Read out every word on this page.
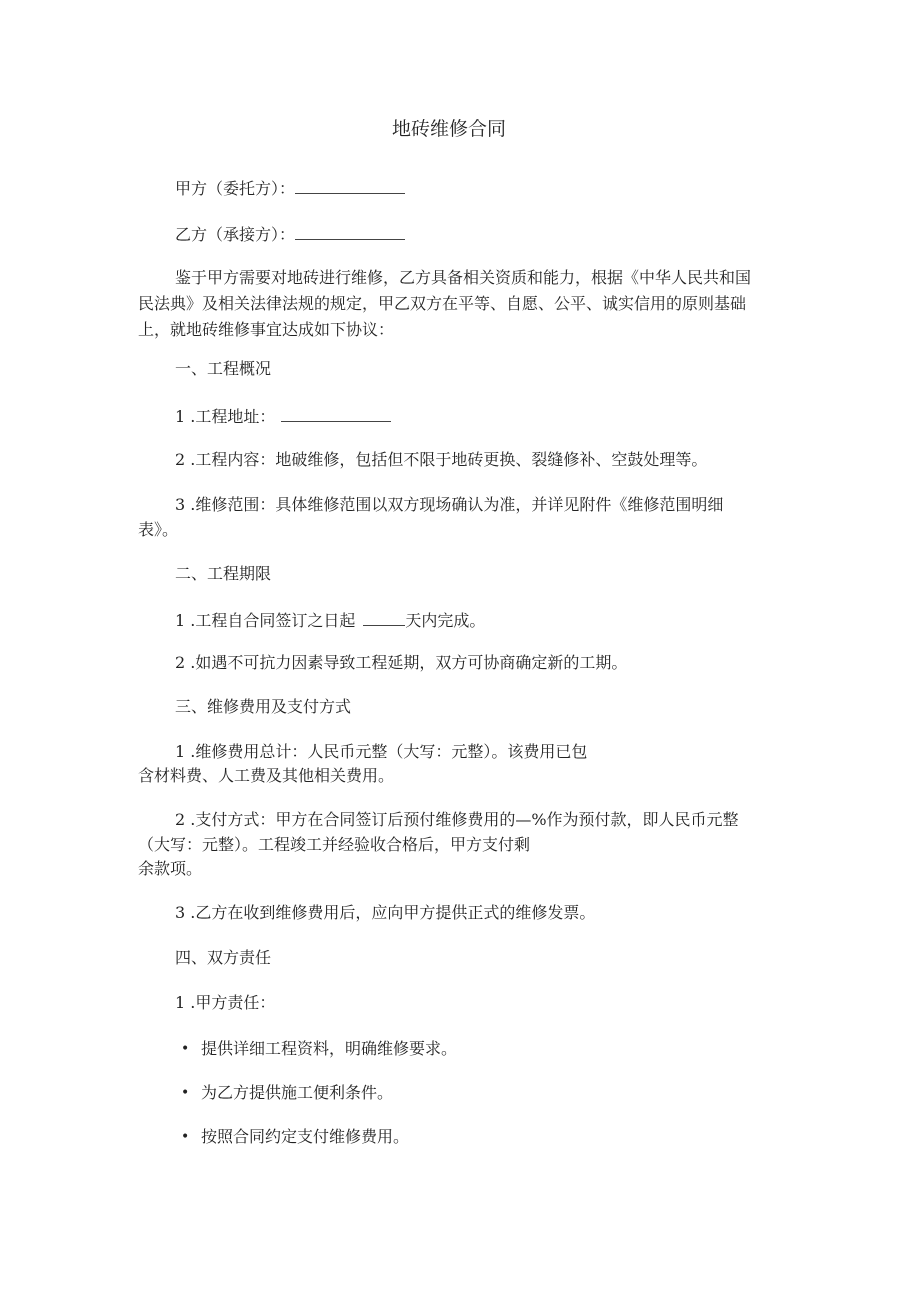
地砖维修合同
甲方（委托方）：
乙方（承接方）：
鉴于甲方需要对地砖进行维修，乙方具备相关资质和能力，根据《中华人民共和国
民法典》及相关法律法规的规定，甲乙双方在平等、自愿、公平、诚实信用的原则基础
上，就地砖维修事宜达成如下协议：
一、工程概况
1 .工程地址：
2 .工程内容：地破维修，包括但不限于地砖更换、裂缝修补、空鼓处理等。
3 .维修范围：具体维修范围以双方现场确认为准，并详见附件《维修范围明细
表》。
二、工程期限
1 .工程自合同签订之日起	天内完成。
2 .如遇不可抗力因素导致工程延期，双方可协商确定新的工期。
三、维修费用及支付方式
1 .维修费用总计：人民币元整（大写：元整）。该费用已包
含材料费、人工费及其他相关费用。
2 .支付方式：甲方在合同签订后预付维修费用的—%作为预付款，即人民币元整
（大写：元整）。工程竣工并经验收合格后，甲方支付剩
余款项。
3 .乙方在收到维修费用后，应向甲方提供正式的维修发票。
四、双方责任
1 .甲方责任：
• 提供详细工程资料，明确维修要求。
• 为乙方提供施工便利条件。
• 按照合同约定支付维修费用。
